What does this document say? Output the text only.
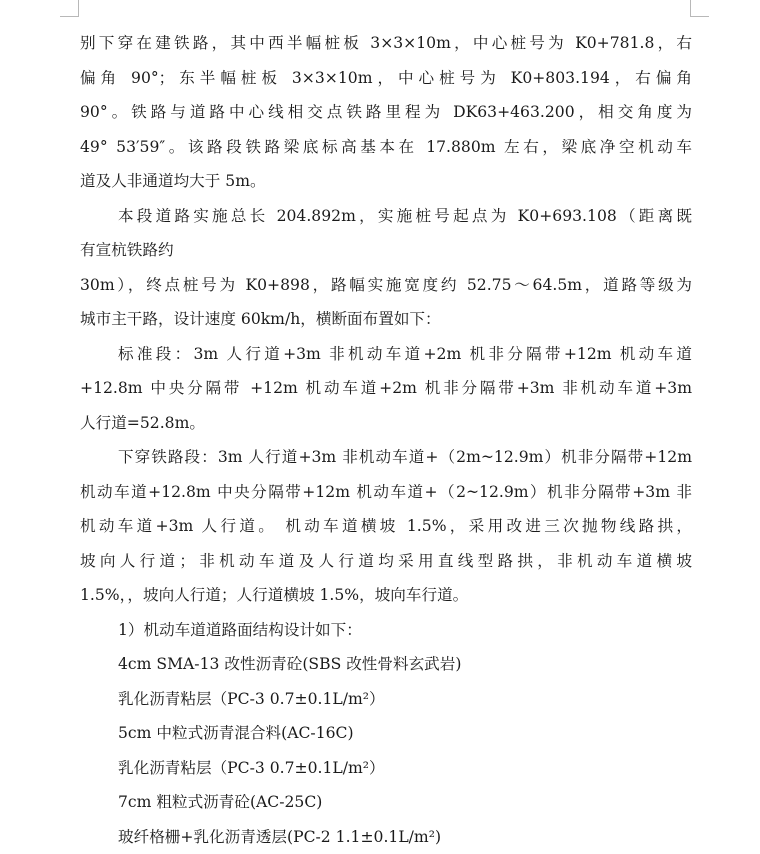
别下穿在建铁路，其中西半幅桩板 3×3×10m，中心桩号为 K0+781.8，右
偏角 90°；东半幅桩板 3×3×10m，中心桩号为 K0+803.194，右偏角
90°。铁路与道路中心线相交点铁路里程为 DK63+463.200，相交角度为
49° 53′59″。该路段铁路梁底标高基本在 17.880m 左右，梁底净空机动车
道及人非通道均大于 5m。
本段道路实施总长 204.892m，实施桩号起点为 K0+693.108（距离既
有宣杭铁路约
30m），终点桩号为 K0+898，路幅实施宽度约 52.75～64.5m，道路等级为
城市主干路，设计速度 60km/h，横断面布置如下：
标准段：3m 人行道+3m 非机动车道+2m 机非分隔带+12m 机动车道
+12.8m 中央分隔带 +12m 机动车道+2m 机非分隔带+3m 非机动车道+3m
人行道=52.8m。
下穿铁路段：3m 人行道+3m 非机动车道+（2m~12.9m）机非分隔带+12m
机动车道+12.8m 中央分隔带+12m 机动车道+（2~12.9m）机非分隔带+3m 非
机动车道+3m 人行道。 机动车道横坡 1.5%，采用改进三次抛物线路拱，
坡向人行道；非机动车道及人行道均采用直线型路拱，非机动车道横坡
1.5%，，坡向人行道；人行道横坡 1.5%，坡向车行道。
1）机动车道道路面结构设计如下：
4cm SMA-13 改性沥青砼(SBS 改性骨料玄武岩)
乳化沥青粘层（PC-3 0.7±0.1L/m²）
5cm 中粒式沥青混合料(AC-16C)
乳化沥青粘层（PC-3 0.7±0.1L/m²）
7cm 粗粒式沥青砼(AC-25C)
玻纤格栅+乳化沥青透层(PC-2 1.1±0.1L/m²)
